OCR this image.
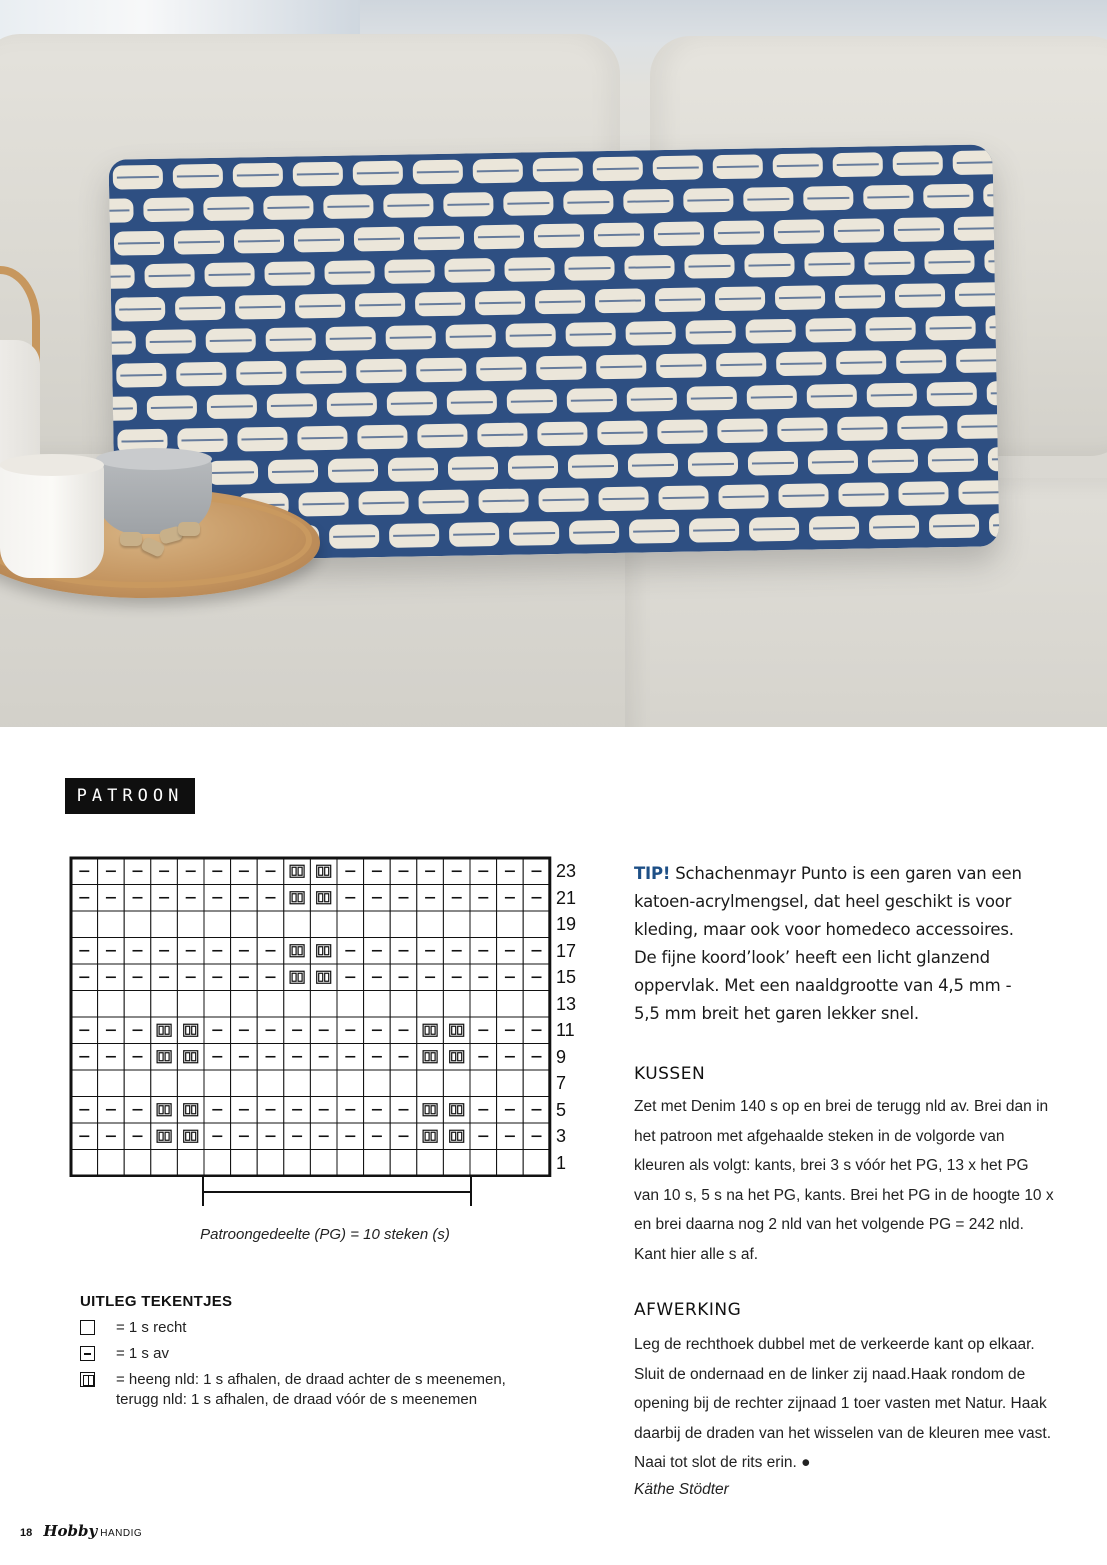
PATROON
23
21
19
17
15
13
11
9
7
5
3
1
Patroongedeelte (PG) = 10 steken (s)
UITLEG TEKENTJES
= 1 s recht
= 1 s av
= heeng nld: 1 s afhalen, de draad achter de s meenemen, terugg nld: 1 s afhalen, de draad vóór de s meenemen
TIP! Schachenmayr Punto is een garen van een katoen-acrylmengsel, dat heel geschikt is voor kleding, maar ook voor homedeco accessoires. De fijne koord’look’ heeft een licht glanzend oppervlak. Met een naaldgrootte van 4,5 mm - 5,5 mm breit het garen lekker snel.
KUSSEN
Zet met Denim 140 s op en brei de terugg nld av. Brei dan in het patroon met afgehaalde steken in de volgorde van kleuren als volgt: kants, brei 3 s vóór het PG, 13 x het PG van 10 s, 5 s na het PG, kants. Brei het PG in de hoogte 10 x en brei daarna nog 2 nld van het volgende PG = 242 nld. Kant hier alle s af.
AFWERKING
Leg de rechthoek dubbel met de verkeerde kant op elkaar. Sluit de ondernaad en de linker zij naad.Haak rondom de opening bij de rechter zijnaad 1 toer vasten met Natur. Haak daarbij de draden van het wisselen van de kleuren mee vast. Naai tot slot de rits erin. ●
Käthe Stödter
18 Hobby HANDIG
